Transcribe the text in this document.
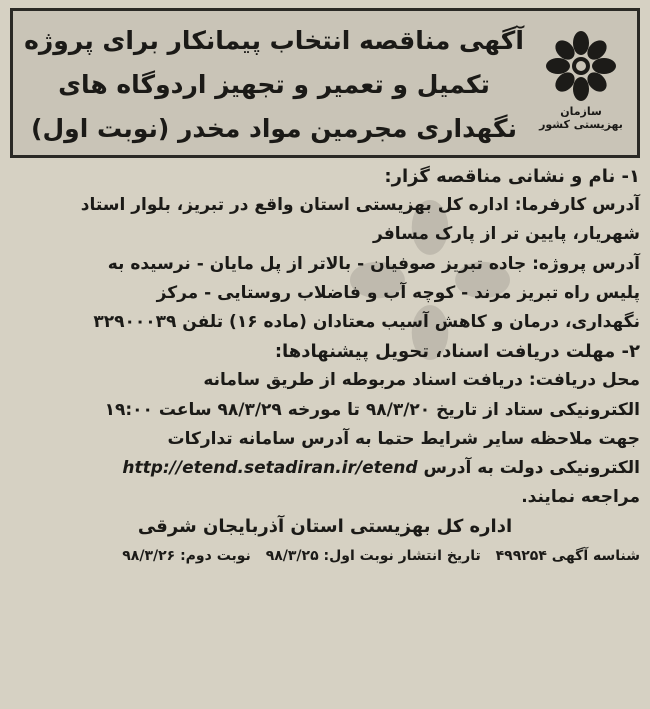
آگهی مناقصه انتخاب پیمانکار برای پروژه
تکمیل و تعمیر و تجهیز اردوگاه های
نگهداری مجرمین مواد مخدر (نوبت اول)
سازمان بهزیستی کشور
۱- نام و نشانی مناقصه گزار:
آدرس کارفرما: اداره کل بهزیستی استان واقع در تبریز، بلوار استاد
شهریار، پایین تر از پارک مسافر
آدرس پروژه: جاده تبریز صوفیان - بالاتر از پل مایان - نرسیده به
پلیس راه تبریز مرند - کوچه آب و فاضلاب روستایی - مرکز
نگهداری، درمان و کاهش آسیب معتادان (ماده ۱۶) تلفن ۳۲۹۰۰۰۳۹
۲- مهلت دریافت اسناد، تحویل پیشنهادها:
محل دریافت: دریافت اسناد مربوطه از طریق سامانه
الکترونیکی ستاد از تاریخ ۹۸/۳/۲۰ تا مورخه ۹۸/۳/۲۹ ساعت ۱۹:۰۰
جهت ملاحظه سایر شرایط حتما به آدرس سامانه تدارکات
الکترونیکی دولت به آدرس http://etend.setadiran.ir/etend
مراجعه نمایند.
اداره کل بهزیستی استان آذربایجان شرقی
شناسه آگهی ۴۹۹۲۵۴ تاریخ انتشار نوبت اول: ۹۸/۳/۲۵ نوبت دوم: ۹۸/۳/۲۶
